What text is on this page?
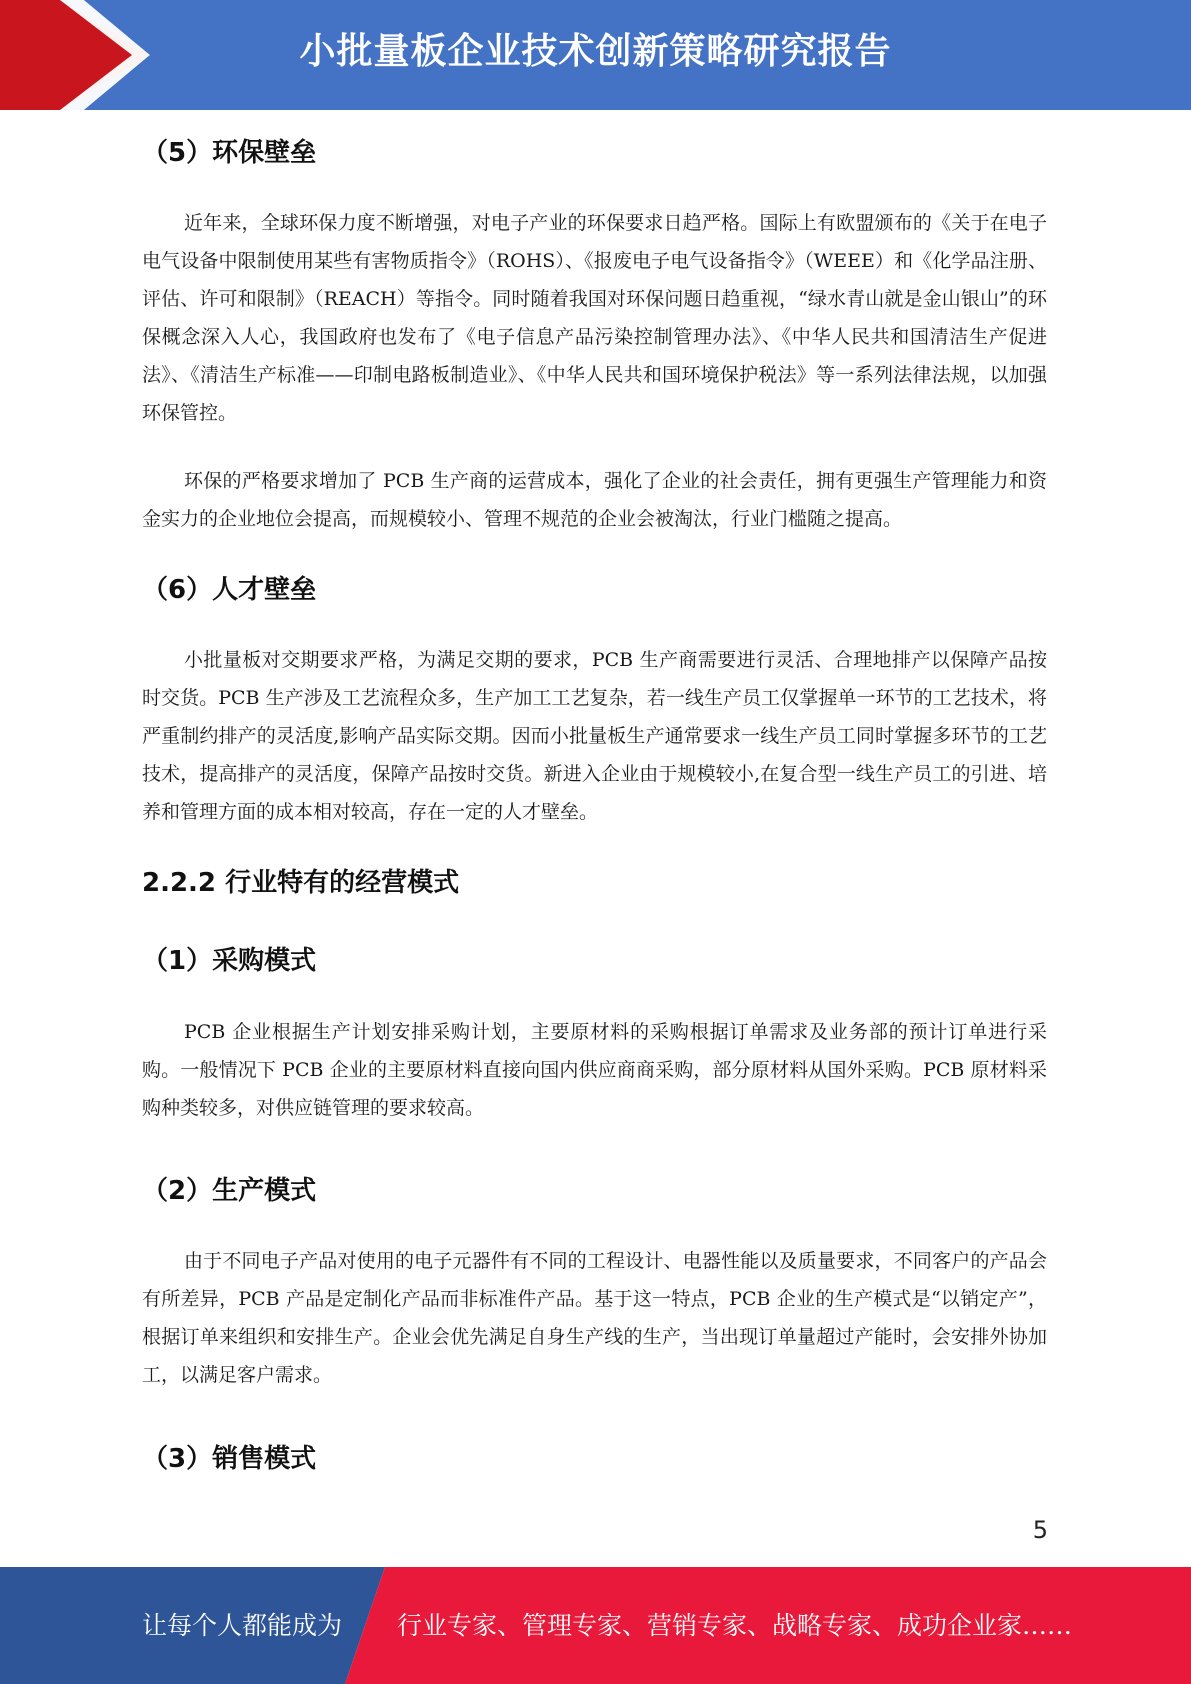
小批量板企业技术创新策略研究报告
（5）环保壁垒

近年来，全球环保力度不断增强，对电子产业的环保要求日趋严格。国际上有欧盟颁布的《关于在电子电气设备中限制使用某些有害物质指令》（ROHS）、《报废电子电气设备指令》（WEEE）和《化学品注册、评估、许可和限制》（REACH）等指令。同时随着我国对环保问题日趋重视，“绿水青山就是金山银山”的环保概念深入人心，我国政府也发布了《电子信息产品污染控制管理办法》、《中华人民共和国清洁生产促进法》、《清洁生产标准——印制电路板制造业》、《中华人民共和国环境保护税法》等一系列法律法规，以加强环保管控。

环保的严格要求增加了 PCB 生产商的运营成本，强化了企业的社会责任，拥有更强生产管理能力和资金实力的企业地位会提高，而规模较小、管理不规范的企业会被淘汰，行业门槛随之提高。

（6）人才壁垒

小批量板对交期要求严格，为满足交期的要求，PCB 生产商需要进行灵活、合理地排产以保障产品按时交货。PCB 生产涉及工艺流程众多，生产加工工艺复杂，若一线生产员工仅掌握单一环节的工艺技术，将严重制约排产的灵活度,影响产品实际交期。因而小批量板生产通常要求一线生产员工同时掌握多环节的工艺技术，提高排产的灵活度，保障产品按时交货。新进入企业由于规模较小,在复合型一线生产员工的引进、培养和管理方面的成本相对较高，存在一定的人才壁垒。

2.2.2 行业特有的经营模式
（1）采购模式

PCB 企业根据生产计划安排采购计划，主要原材料的采购根据订单需求及业务部的预计订单进行采购。一般情况下 PCB 企业的主要原材料直接向国内供应商商采购，部分原材料从国外采购。PCB 原材料采购种类较多，对供应链管理的要求较高。

（2）生产模式

由于不同电子产品对使用的电子元器件有不同的工程设计、电器性能以及质量要求，不同客户的产品会有所差异，PCB 产品是定制化产品而非标准件产品。基于这一特点，PCB 企业的生产模式是“以销定产”，根据订单来组织和安排生产。企业会优先满足自身生产线的生产，当出现订单量超过产能时，会安排外协加工，以满足客户需求。

（3）销售模式
5
让每个人都能成为 行业专家、管理专家、营销专家、战略专家、成功企业家……
